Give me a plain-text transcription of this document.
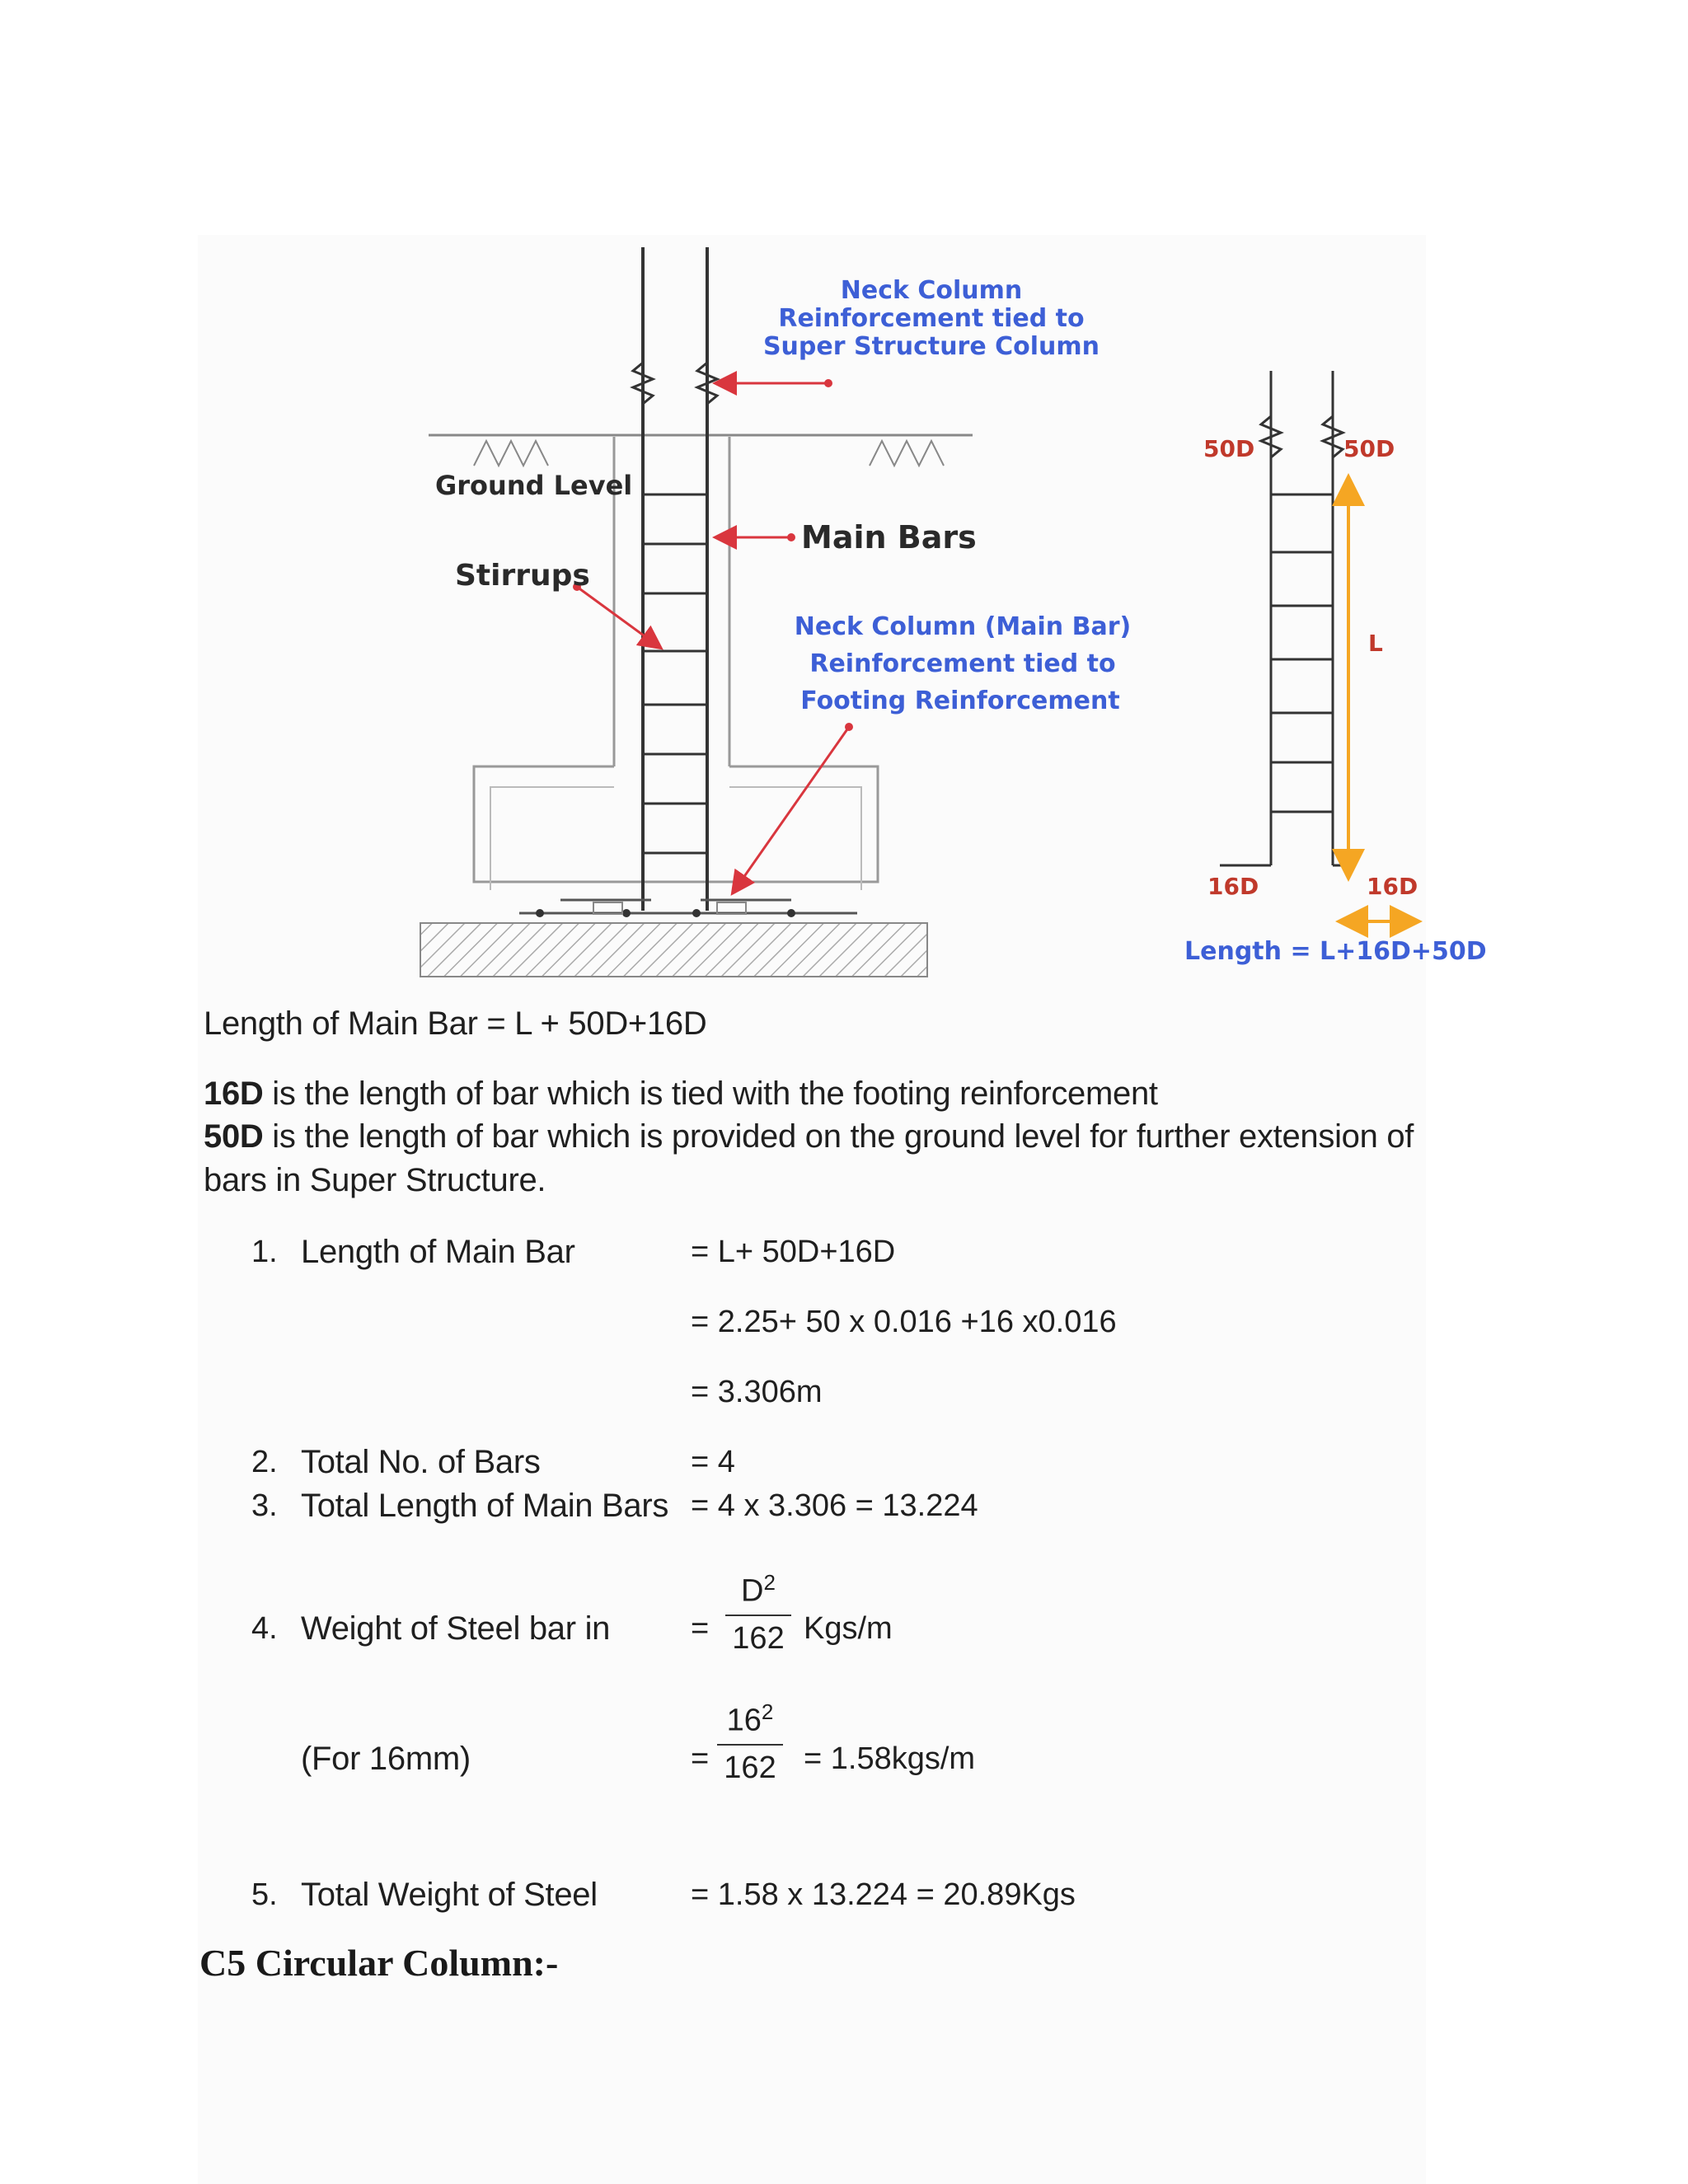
Neck Column
Reinforcement tied to
Super Structure Column
Ground Level
Stirrups
Main Bars
Neck Column (Main Bar)
Reinforcement tied to
Footing Reinforcement
50D	50D
L
16D	16D
Length = L+16D+50D
Length of Main Bar = L + 50D+16D
16D is the length of bar which is tied with the footing reinforcement
50D is the length of bar which is provided on the ground level for further extension of
bars in Super Structure.
1. Length of Main Bar	= L+ 50D+16D
= 2.25+ 50 x 0.016 +16 x0.016
= 3.306m
2. Total No. of Bars	= 4
3. Total Length of Main Bars = 4 x 3.306 = 13.224
4. Weight of Steel bar in	=
$D^2$
162 Kgs/m
(For 16mm)	=
$16^2$
162 = 1.58kgs/m
5. Total Weight of Steel	= 1.58 x 13.224 = 20.89Kgs
C5 Circular Column:-
